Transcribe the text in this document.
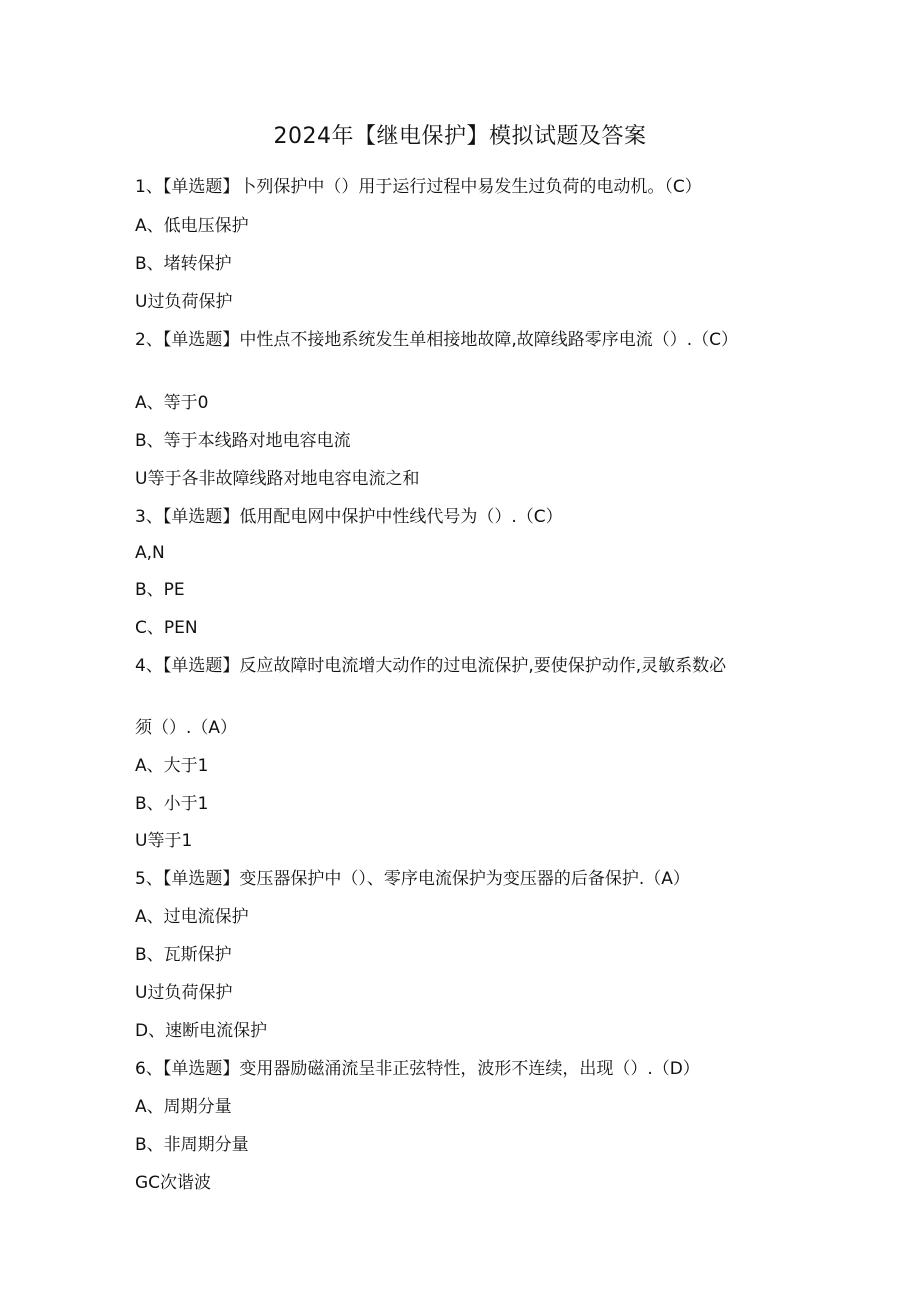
2024年【继电保护】模拟试题及答案
1、【单选题】卜列保护中（）用于运行过程中易发生过负荷的电动机。（C）
A、低电压保护
B、堵转保护
U过负荷保护
2、【单选题】中性点不接地系统发生单相接地故障,故障线路零序电流（）.（C）
A、等于0
B、等于本线路对地电容电流
U等于各非故障线路对地电容电流之和
3、【单选题】低用配电网中保护中性线代号为（）.（C）
A,N
B、PE
C、PEN
4、【单选题】反应故障时电流增大动作的过电流保护,要使保护动作,灵敏系数必
须（）.（A）
A、大于1
B、小于1
U等于1
5、【单选题】变压器保护中（）、零序电流保护为变压器的后备保护.（A）
A、过电流保护
B、瓦斯保护
U过负荷保护
D、速断电流保护
6、【单选题】变用器励磁涌流呈非正弦特性，波形不连续，出现（）.（D）
A、周期分量
B、非周期分量
GC次谐波
